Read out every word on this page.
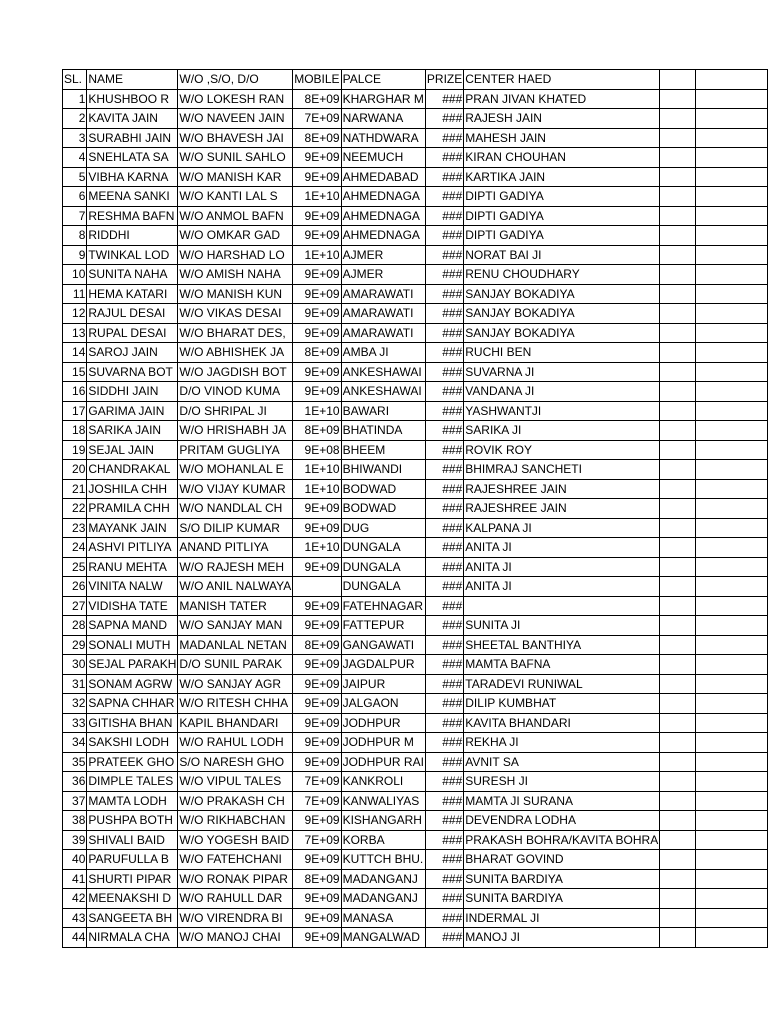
SL.	NAME	W/O ,S/O, D/O	MOBILE	PALCE	PRIZE	CENTER HAED		
1	KHUSHBOO R	W/O LOKESH RAN	8E+09	KHARGHAR M	###	PRAN JIVAN KHATED		
2	KAVITA JAIN	W/O NAVEEN JAIN	7E+09	NARWANA	###	RAJESH JAIN		
3	SURABHI JAIN	W/O BHAVESH JAI	8E+09	NATHDWARA	###	MAHESH JAIN		
4	SNEHLATA SA	W/O SUNIL SAHLO	9E+09	NEEMUCH	###	KIRAN CHOUHAN		
5	VIBHA KARNA	W/O MANISH KAR	9E+09	AHMEDABAD	###	KARTIKA JAIN		
6	MEENA SANKI	W/O KANTI LAL S	1E+10	AHMEDNAGA	###	DIPTI GADIYA		
7	RESHMA BAFN	W/O ANMOL BAFN	9E+09	AHMEDNAGA	###	DIPTI GADIYA		
8	RIDDHI	W/O OMKAR GAD	9E+09	AHMEDNAGA	###	DIPTI GADIYA		
9	TWINKAL LOD	W/O HARSHAD LO	1E+10	AJMER	###	NORAT BAI JI		
10	SUNITA NAHA	W/O AMISH NAHA	9E+09	AJMER	###	RENU CHOUDHARY		
11	HEMA KATARI	W/O MANISH KUN	9E+09	AMARAWATI	###	SANJAY BOKADIYA		
12	RAJUL DESAI	W/O VIKAS DESAI	9E+09	AMARAWATI	###	SANJAY BOKADIYA		
13	RUPAL DESAI	W/O BHARAT DES,	9E+09	AMARAWATI	###	SANJAY BOKADIYA		
14	SAROJ JAIN	W/O ABHISHEK JA	8E+09	AMBA JI	###	RUCHI BEN		
15	SUVARNA BOT	W/O JAGDISH BOT	9E+09	ANKESHAWAI	###	SUVARNA JI		
16	SIDDHI JAIN	D/O VINOD KUMA	9E+09	ANKESHAWAI	###	VANDANA JI		
17	GARIMA JAIN	D/O SHRIPAL JI	1E+10	BAWARI	###	YASHWANTJI		
18	SARIKA JAIN	W/O HRISHABH JA	8E+09	BHATINDA	###	SARIKA JI		
19	SEJAL JAIN	PRITAM GUGLIYA	9E+08	BHEEM	###	ROVIK ROY		
20	CHANDRAKAL	W/O MOHANLAL E	1E+10	BHIWANDI	###	BHIMRAJ SANCHETI		
21	JOSHILA CHH	W/O VIJAY KUMAR	1E+10	BODWAD	###	RAJESHREE JAIN		
22	PRAMILA CHH	W/O NANDLAL CH	9E+09	BODWAD	###	RAJESHREE JAIN		
23	MAYANK JAIN	S/O DILIP KUMAR	9E+09	DUG	###	KALPANA JI		
24	ASHVI PITLIYA	ANAND PITLIYA	1E+10	DUNGALA	###	ANITA JI		
25	RANU MEHTA	W/O RAJESH MEH	9E+09	DUNGALA	###	ANITA JI		
26	VINITA NALW	W/O ANIL NALWAYA		DUNGALA	###	ANITA JI		
27	VIDISHA TATE	MANISH TATER	9E+09	FATEHNAGAR	###			
28	SAPNA MAND	W/O SANJAY MAN	9E+09	FATTEPUR	###	SUNITA JI		
29	SONALI MUTH	MADANLAL NETAN	8E+09	GANGAWATI	###	SHEETAL BANTHIYA		
30	SEJAL PARAKH	D/O SUNIL PARAK	9E+09	JAGDALPUR	###	MAMTA BAFNA		
31	SONAM AGRW	W/O SANJAY AGR	9E+09	JAIPUR	###	TARADEVI RUNIWAL		
32	SAPNA CHHAR	W/O RITESH CHHA	9E+09	JALGAON	###	DILIP KUMBHAT		
33	GITISHA BHAN	KAPIL BHANDARI	9E+09	JODHPUR	###	KAVITA BHANDARI		
34	SAKSHI LODH	W/O RAHUL LODH	9E+09	JODHPUR M	###	REKHA JI		
35	PRATEEK GHO	S/O NARESH GHO	9E+09	JODHPUR RAI	###	AVNIT SA		
36	DIMPLE TALES	W/O VIPUL TALES	7E+09	KANKROLI	###	SURESH JI		
37	MAMTA LODH	W/O PRAKASH CH	7E+09	KANWALIYAS	###	MAMTA JI SURANA		
38	PUSHPA BOTH	W/O RIKHABCHAN	9E+09	KISHANGARH	###	DEVENDRA LODHA		
39	SHIVALI BAID	W/O YOGESH BAID	7E+09	KORBA	###	PRAKASH BOHRA/KAVITA BOHRA		
40	PARUFULLA B	W/O FATEHCHANI	9E+09	KUTTCH BHU.	###	BHARAT GOVIND		
41	SHURTI PIPAR	W/O RONAK PIPAR	8E+09	MADANGANJ	###	SUNITA BARDIYA		
42	MEENAKSHI D	W/O RAHULL DAR	9E+09	MADANGANJ	###	SUNITA BARDIYA		
43	SANGEETA BH	W/O VIRENDRA BI	9E+09	MANASA	###	INDERMAL JI		
44	NIRMALA CHA	W/O MANOJ CHAI	9E+09	MANGALWAD	###	MANOJ JI		
